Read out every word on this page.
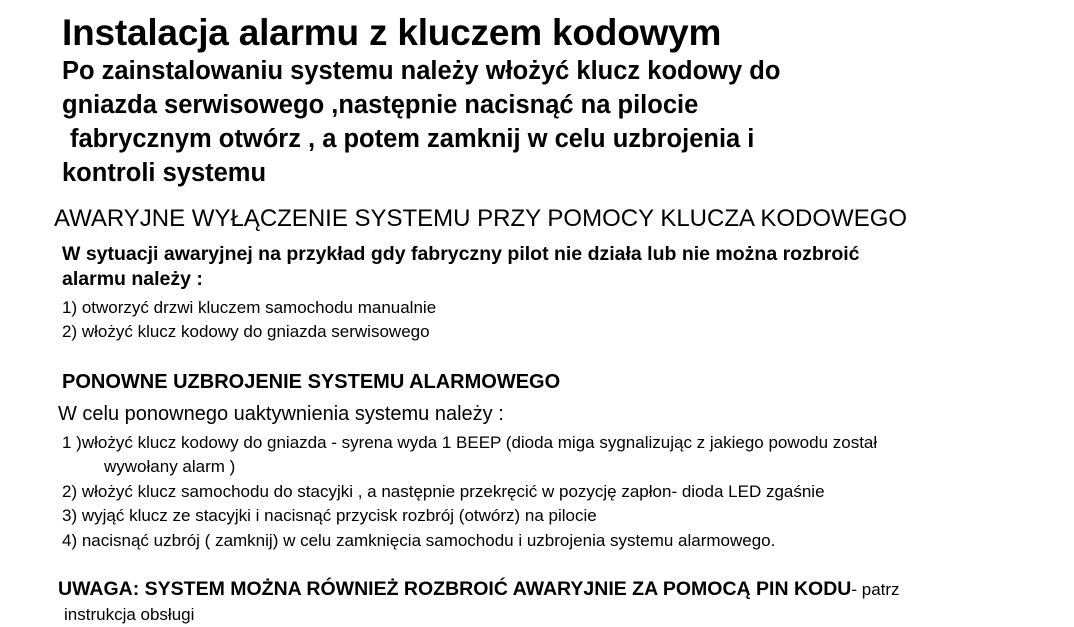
Instalacja alarmu z kluczem kodowym
Po zainstalowaniu systemu należy włożyć klucz kodowy do
gniazda serwisowego ,następnie nacisnąć na pilocie
fabrycznym otwórz , a potem zamknij w celu uzbrojenia i
kontroli systemu
AWARYJNE WYŁĄCZENIE SYSTEMU PRZY POMOCY KLUCZA KODOWEGO
W sytuacji awaryjnej na przykład gdy fabryczny pilot nie działa lub nie można rozbroić
alarmu należy :
1) otworzyć drzwi kluczem samochodu manualnie
2) włożyć klucz kodowy do gniazda serwisowego
PONOWNE UZBROJENIE SYSTEMU ALARMOWEGO
W celu ponownego uaktywnienia systemu należy :
1 )włożyć klucz kodowy do gniazda - syrena wyda 1 BEEP (dioda miga sygnalizując z jakiego powodu został
wywołany alarm )
2) włożyć klucz samochodu do stacyjki , a następnie przekręcić w pozycję zapłon- dioda LED zgaśnie
3) wyjąć klucz ze stacyjki i nacisnąć przycisk rozbrój (otwórz) na pilocie
4) nacisnąć uzbrój ( zamknij) w celu zamknięcia samochodu i uzbrojenia systemu alarmowego.
UWAGA: SYSTEM MOŻNA RÓWNIEŻ ROZBROIĆ AWARYJNIE ZA POMOCĄ PIN KODU- patrz
instrukcja obsługi
